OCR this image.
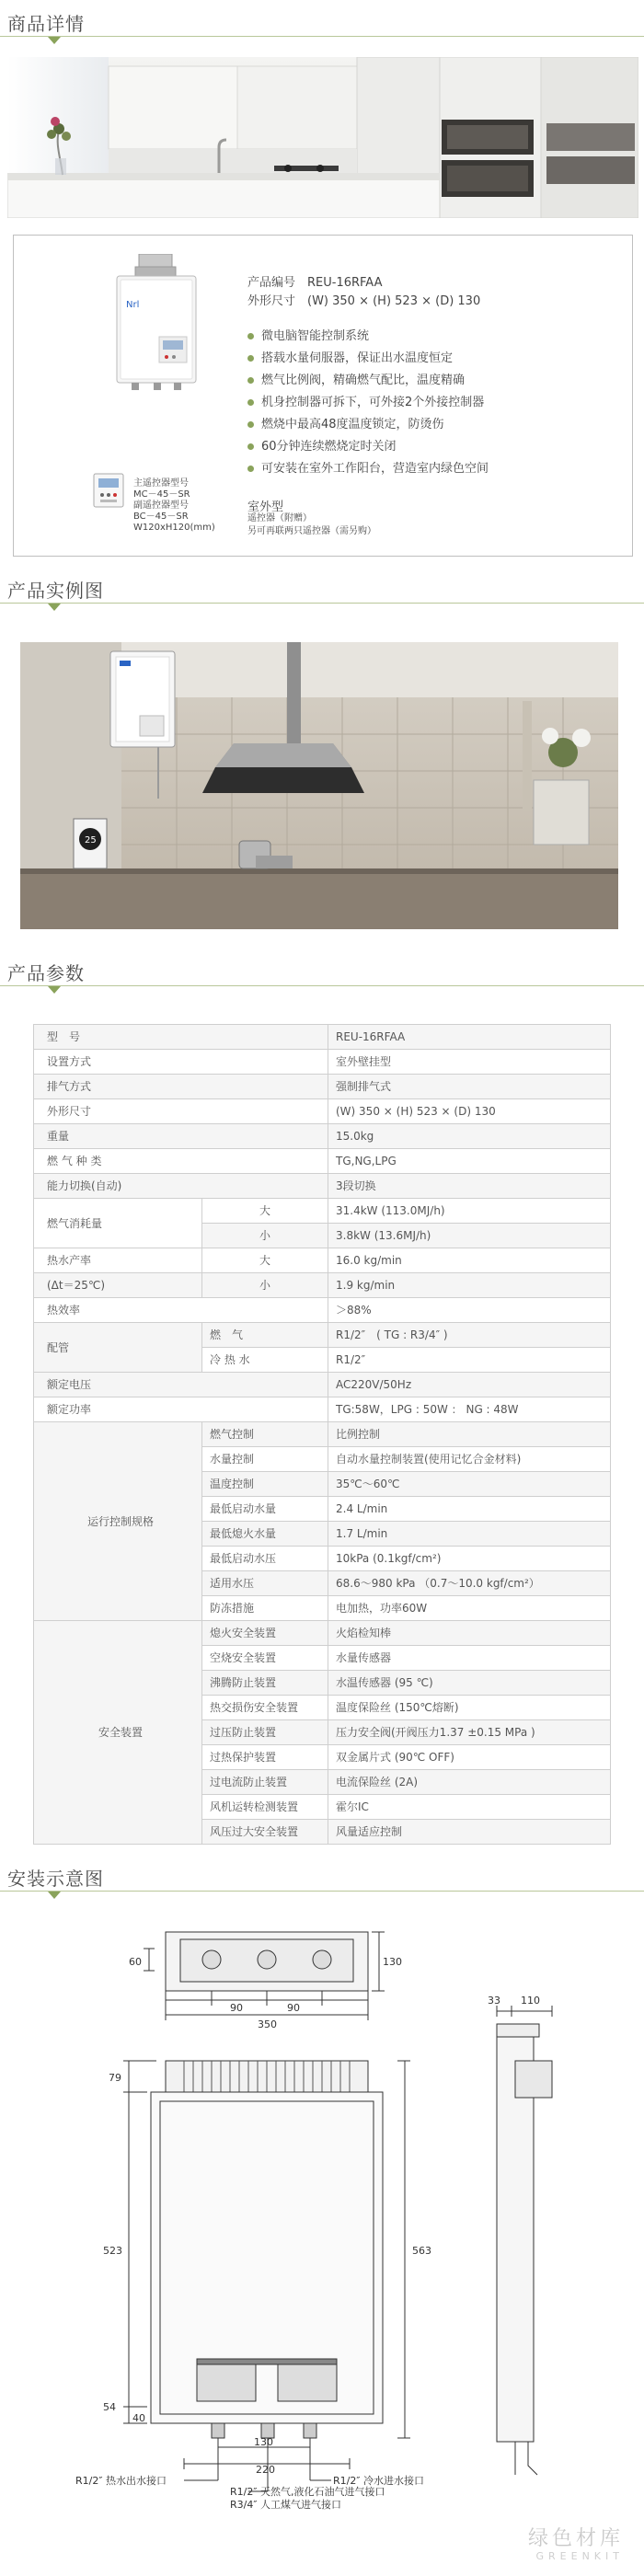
商品详情
Nrl
主遥控器型号
MC－45－SR
副遥控器型号
BC－45－SR
W120xH120(mm)
产品编号　REU-16RFAA
外形尺寸　(W) 350 × (H) 523 × (D) 130
微电脑智能控制系统
搭载水量伺服器，保证出水温度恒定
燃气比例阀，精确燃气配比，温度精确
机身控制器可拆下，可外接2个外接控制器
燃烧中最高48度温度锁定，防烫伤
60分钟连续燃烧定时关闭
可安装在室外工作阳台，营造室内绿色空间
室外型
遥控器（附赠）
另可再联两只遥控器（需另购）
产品实例图
25
产品参数
型　号		REU-16RFAA
设置方式		室外壁挂型
排气方式		强制排气式
外形尺寸		(W) 350 × (H) 523 × (D) 130
重量		15.0kg
燃 气 种 类		TG,NG,LPG
能力切换(自动)		3段切换
燃气消耗量	大	31.4kW (113.0MJ/h)
	小	3.8kW (13.6MJ/h)
热水产率	大	16.0 kg/min
(Δt＝25℃)	小	1.9 kg/min
热效率		＞88%
配管	燃　气	R1/2″　( TG : R3/4″ )
	冷 热 水	R1/2″
额定电压		AC220V/50Hz
额定功率		TG:58W，LPG : 50W ： NG : 48W
运行控制规格	燃气控制	比例控制
	水量控制	自动水量控制装置(使用记忆合金材料)
	温度控制	35℃～60℃
	最低启动水量	2.4 L/min
	最低熄火水量	1.7 L/min
	最低启动水压	10kPa (0.1kgf/cm²)
	适用水压	68.6～980 kPa （0.7～10.0 kgf/cm²）
	防冻措施	电加热，功率60W
安全装置	熄火安全装置	火焰检知棒
	空烧安全装置	水量传感器
	沸腾防止装置	水温传感器 (95 ℃)
	热交损伤安全装置	温度保险丝 (150℃熔断)
	过压防止装置	压力安全阀(开阀压力1.37 ±0.15 MPa )
	过热保护装置	双金属片式 (90℃ OFF)
	过电流防止装置	电流保险丝 (2A)
	风机运转检测装置	霍尔IC
	风压过大安全装置	风量适应控制
安装示意图
60	130
90	90
350
79
523	563
54
40
130
220
33 110
R1/2″ 热水出水接口	R1/2″ 冷水进水接口
R1/2″ 天然气,液化石油气进气接口
R3/4″ 人工煤气进气接口
绿色材库
GREENKIT
